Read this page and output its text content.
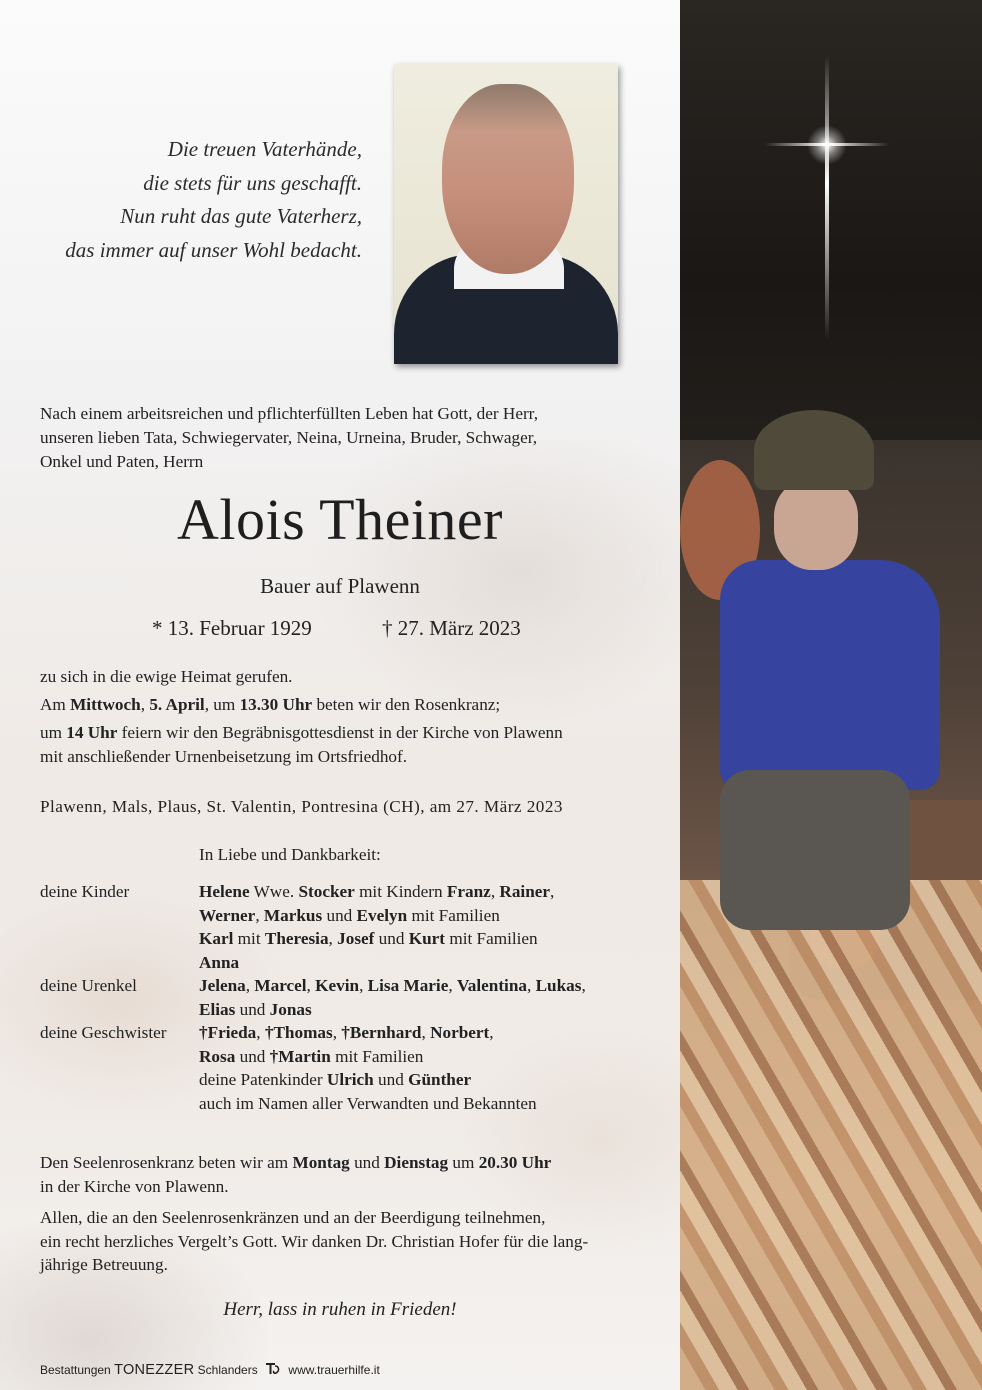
Die treuen Vaterhände,
die stets für uns geschafft.
Nun ruht das gute Vaterherz,
das immer auf unser Wohl bedacht.
Nach einem arbeitsreichen und pflichterfüllten Leben hat Gott, der Herr,
unseren lieben Tata, Schwiegervater, Neina, Urneina, Bruder, Schwager,
Onkel und Paten, Herrn
Alois Theiner
Bauer auf Plawenn
* 13. Februar 1929	† 27. März 2023

zu sich in die ewige Heimat gerufen.

Am Mittwoch, 5. April, um 13.30 Uhr beten wir den Rosenkranz;

um 14 Uhr feiern wir den Begräbnisgottesdienst in der Kirche von Plawenn

mit anschließender Urnenbeisetzung im Ortsfriedhof.

Plawenn, Mals, Plaus, St. Valentin, Pontresina (CH), am 27. März 2023
In Liebe und Dankbarkeit:
deine Kinder	Helene Wwe. Stocker mit Kindern Franz, Rainer,
Werner, Markus und Evelyn mit Familien
Karl mit Theresia, Josef und Kurt mit Familien
Anna
deine Urenkel	Jelena, Marcel, Kevin, Lisa Marie, Valentina, Lukas,
Elias und Jonas
deine Geschwister †Frieda, †Thomas, †Bernhard, Norbert,
Rosa und †Martin mit Familien
deine Patenkinder Ulrich und Günther
auch im Namen aller Verwandten und Bekannten

Den Seelenrosenkranz beten wir am Montag und Dienstag um 20.30 Uhr
in der Kirche von Plawenn.

Allen, die an den Seelenrosenkränzen und an der Beerdigung teilnehmen,
ein recht herzliches Vergelt’s Gott. Wir danken Dr. Christian Hofer für die lang-
jährige Betreuung.

Herr, lass in ruhen in Frieden!
Bestattungen TONEZZER Schlanders	www.trauerhilfe.it
